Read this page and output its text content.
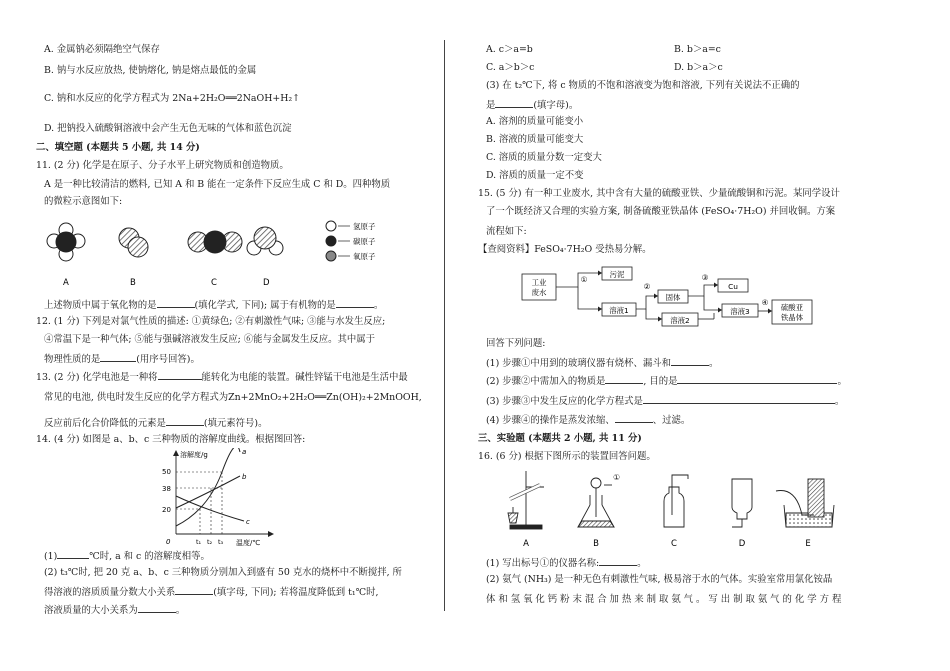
A. 金属钠必须隔绝空气保存
B. 钠与水反应放热, 使钠熔化, 钠是熔点最低的金属
C. 钠和水反应的化学方程式为 2Na+2H₂O══2NaOH+H₂↑
D. 把钠投入硫酸铜溶液中会产生无色无味的气体和蓝色沉淀
二、填空题 (本题共 5 小题, 共 14 分)
11. (2 分) 化学是在原子、分子水平上研究物质和创造物质。
A 是一种比较清洁的燃料, 已知 A 和 B 能在一定条件下反应生成 C 和 D。四种物质
的微粒示意图如下:
氢原子
碳原子
氧原子
A	B	C	D
上述物质中属于氧化物的是	(填化学式, 下同); 属于有机物的是	。
12. (1 分) 下列是对氯气性质的描述: ①黄绿色; ②有刺激性气味; ③能与水发生反应;
④常温下是一种气体; ⑤能与强碱溶液发生反应; ⑥能与金属发生反应。其中属于
物理性质的是	(用序号回答)。
13. (2 分) 化学电池是一种将	能转化为电能的装置。碱性锌锰干电池是生活中最
常见的电池, 供电时发生反应的化学方程式为Zn+2MnO₂+2H₂O══Zn(OH)₂+2MnOOH,
反应前后化合价降低的元素是	(填元素符号)。
14. (4 分) 如图是 a、b、c 三种物质的溶解度曲线。根据图回答:
溶解度/g
温度/℃
50
38
20
0	t₁ t₂ t₃
a
b
c
(1)	℃时, a 和 c 的溶解度相等。
(2) t₃℃时, 把 20 克 a、b、c 三种物质分别加入到盛有 50 克水的烧杯中不断搅拌, 所
得溶液的溶质质量分数大小关系	(填字母, 下同); 若将温度降低到 t₁℃时,
溶液质量的大小关系为	。
A. c＞a=b	B. b＞a=c
C. a＞b＞c	D. b＞a＞c
(3) 在 t₂℃下, 将 c 物质的不饱和溶液变为饱和溶液, 下列有关说法不正确的
是	(填字母)。
A. 溶剂的质量可能变小
B. 溶液的质量可能变大
C. 溶质的质量分数一定变大
D. 溶质的质量一定不变
15. (5 分) 有一种工业废水, 其中含有大量的硫酸亚铁、少量硫酸铜和污泥。某同学设计
了一个既经济又合理的实验方案, 制备硫酸亚铁晶体 (FeSO₄·7H₂O) 并回收铜。方案
流程如下:
【查阅资料】FeSO₄·7H₂O 受热易分解。
工业
废水
污泥
溶液1
固体
Cu
溶液2
溶液3	硫酸亚
铁晶体
①
②
③
④
回答下列问题:
(1) 步骤①中用到的玻璃仪器有烧杯、漏斗和	。
(2) 步骤②中需加入的物质是	, 目的是	。
(3) 步骤③中发生反应的化学方程式是	。
(4) 步骤④的操作是蒸发浓缩、	、过滤。
三、实验题 (本题共 2 小题, 共 11 分)
16. (6 分) 根据下图所示的装置回答问题。
①
A	B	C	D	E
(1) 写出标号①的仪器名称:	。
(2) 氨气 (NH₃) 是一种无色有刺激性气味, 极易溶于水的气体。实验室常用氯化铵晶
体 和 氢 氧 化 钙 粉 末 混 合 加 热 来 制 取 氨 气 。 写 出 制 取 氨 气 的 化 学 方 程
